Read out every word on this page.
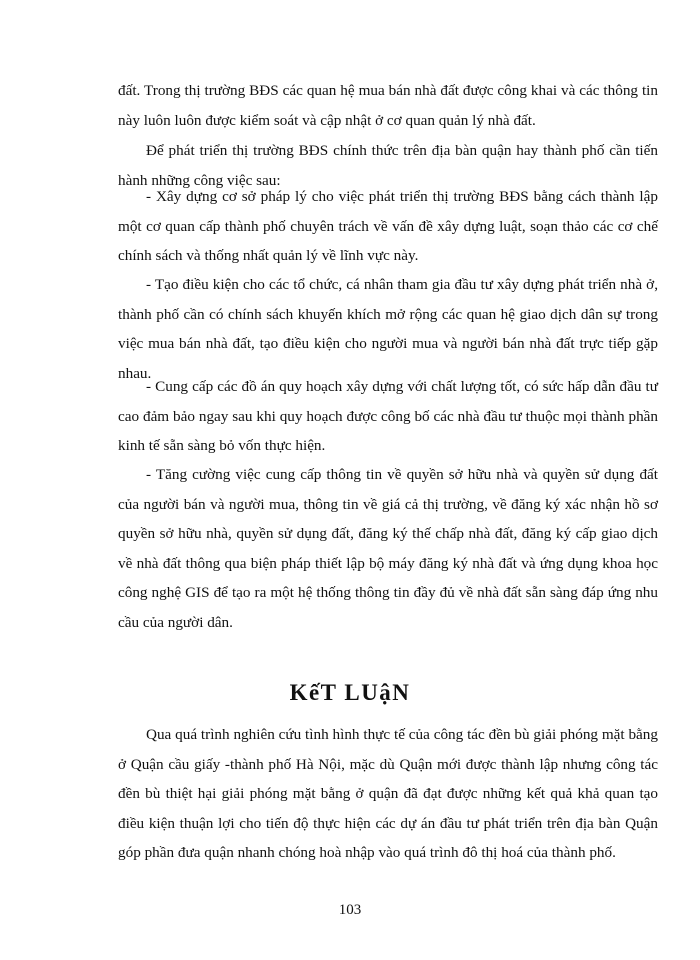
đất. Trong thị trường BĐS các quan hệ mua bán nhà đất được công khai và các thông tin này luôn luôn được kiểm soát và cập nhật ở cơ quan quản lý nhà đất.

Để phát triển thị trường BĐS chính thức trên địa bàn quận hay thành phố cần tiến hành những công việc sau:

- Xây dựng cơ sở pháp lý cho việc phát triển thị trường BĐS bằng cách thành lập một cơ quan cấp thành phố chuyên trách về vấn đề xây dựng luật, soạn thảo các cơ chế chính sách và thống nhất quản lý về lĩnh vực này.

- Tạo điều kiện cho các tổ chức, cá nhân tham gia đầu tư xây dựng phát triển nhà ở, thành phố cần có chính sách khuyến khích mở rộng các quan hệ giao dịch dân sự trong việc mua bán nhà đất, tạo điều kiện cho người mua và người bán nhà đất trực tiếp gặp nhau.

- Cung cấp các đồ án quy hoạch xây dựng với chất lượng tốt, có sức hấp dẫn đầu tư cao đảm bảo ngay sau khi quy hoạch được công bố các nhà đầu tư thuộc mọi thành phần kinh tế sẵn sàng bỏ vốn thực hiện.

- Tăng cường việc cung cấp thông tin về quyền sở hữu nhà và quyền sử dụng đất của người bán và người mua, thông tin về giá cả thị trường, về đăng ký xác nhận hồ sơ quyền sở hữu nhà, quyền sử dụng đất, đăng ký thế chấp nhà đất, đăng ký cấp giao dịch về nhà đất thông qua biện pháp thiết lập bộ máy đăng ký nhà đất và ứng dụng khoa học công nghệ GIS để tạo ra một hệ thống thông tin đầy đủ về nhà đất sẵn sàng đáp ứng nhu cầu của người dân.

KếT LUậN

Qua quá trình nghiên cứu tình hình thực tế của công tác đền bù giải phóng mặt bằng ở Quận cầu giấy -thành phố Hà Nội, mặc dù Quận mới được thành lập nhưng công tác đền bù thiệt hại giải phóng mặt bằng ở quận đã đạt được những kết quả khả quan tạo điều kiện thuận lợi cho tiến độ thực hiện các dự án đầu tư phát triển trên địa bàn Quận góp phần đưa quận nhanh chóng hoà nhập vào quá trình đô thị hoá của thành phố.

103
